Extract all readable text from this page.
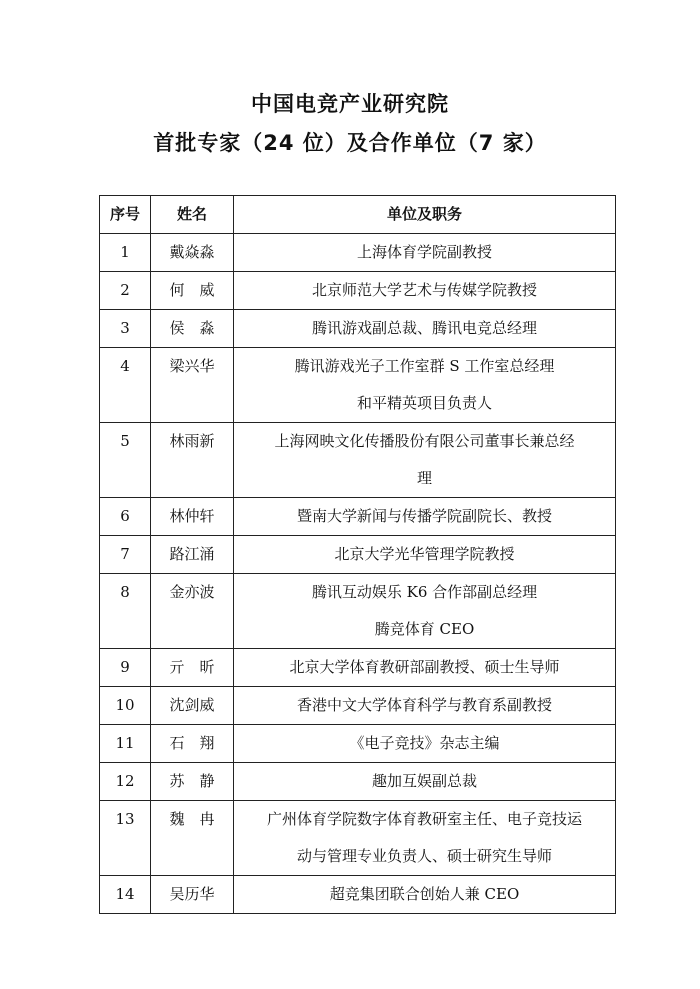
中国电竞产业研究院
首批专家（24 位）及合作单位（7 家）
序号	姓名	单位及职务
1	戴焱淼	上海体育学院副教授
2	何　威	北京师范大学艺术与传媒学院教授
3	侯　淼	腾讯游戏副总裁、腾讯电竞总经理
4	梁兴华	腾讯游戏光子工作室群 S 工作室总经理
和平精英项目负责人
5	林雨新	上海网映文化传播股份有限公司董事长兼总经
理
6	林仲轩	暨南大学新闻与传播学院副院长、教授
7	路江涌	北京大学光华管理学院教授
8	金亦波	腾讯互动娱乐 K6 合作部副总经理
腾竞体育 CEO
9	亓　昕	北京大学体育教研部副教授、硕士生导师
10	沈剑威	香港中文大学体育科学与教育系副教授
11	石　翔	《电子竞技》杂志主编
12	苏　静	趣加互娱副总裁
13	魏　冉	广州体育学院数字体育教研室主任、电子竞技运
动与管理专业负责人、硕士研究生导师
14	吴历华	超竞集团联合创始人兼 CEO
